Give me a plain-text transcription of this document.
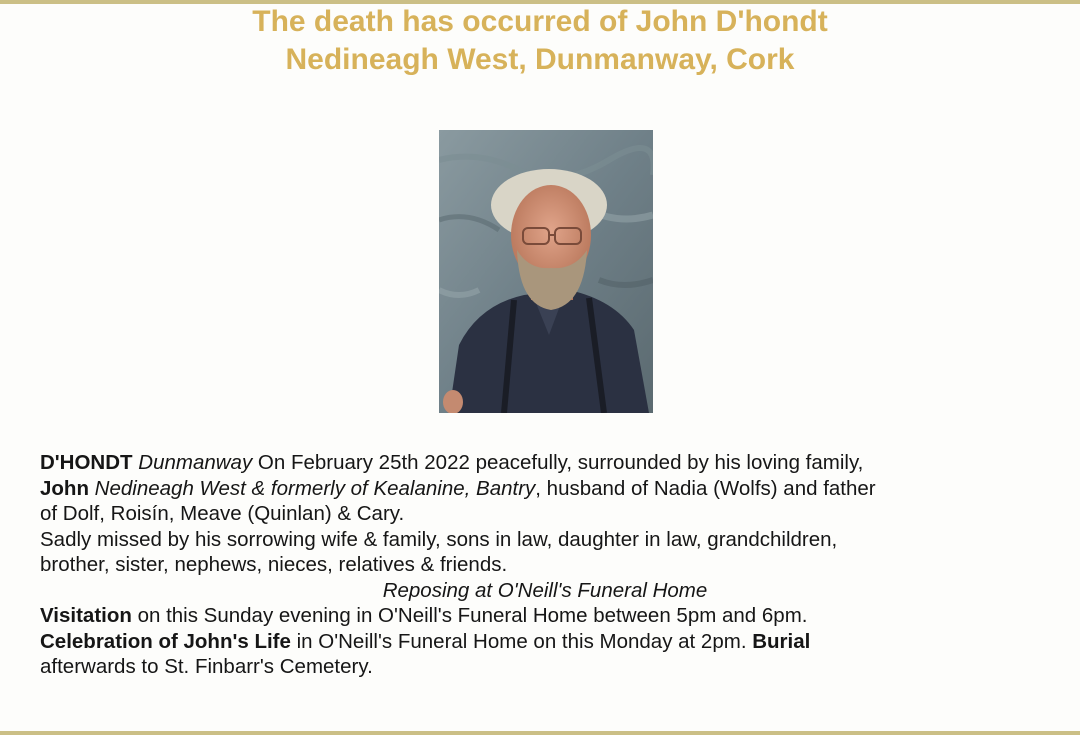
The death has occurred of John D'hondt
Nedineagh West, Dunmanway, Cork

D'HONDT Dunmanway On February 25th 2022 peacefully, surrounded by his loving family,

John Nedineagh West & formerly of Kealanine, Bantry, husband of Nadia (Wolfs) and father

of Dolf, Roisín, Meave (Quinlan) & Cary.

Sadly missed by his sorrowing wife & family, sons in law, daughter in law, grandchildren,

brother, sister, nephews, nieces, relatives & friends.

Reposing at O'Neill's Funeral Home

Visitation on this Sunday evening in O'Neill's Funeral Home between 5pm and 6pm.

Celebration of John's Life in O'Neill's Funeral Home on this Monday at 2pm. Burial

afterwards to St. Finbarr's Cemetery.
